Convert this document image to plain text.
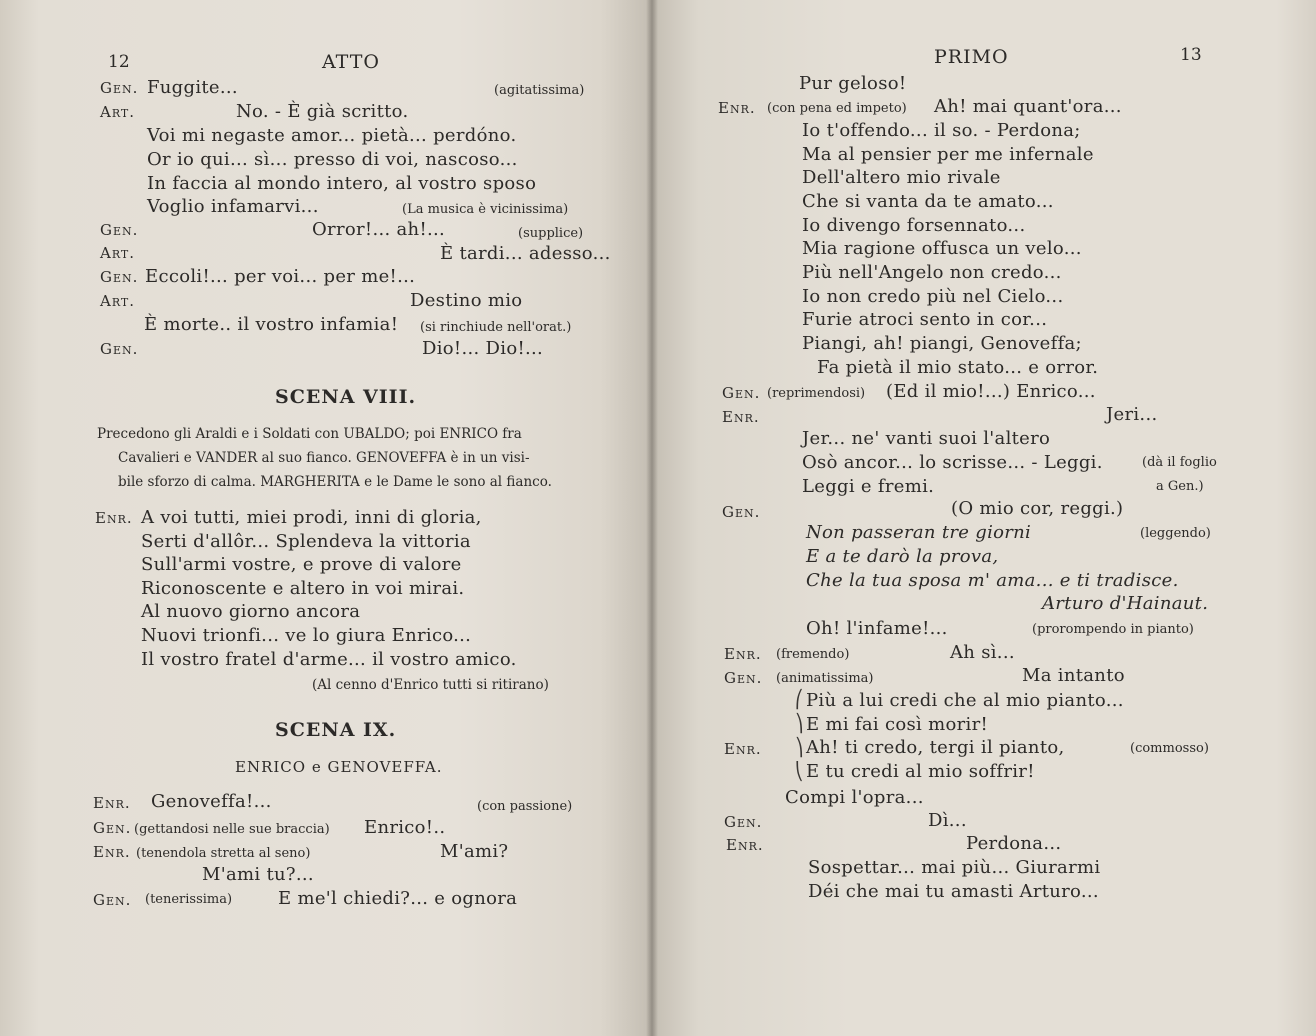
12	ATTO
Gen. Fuggite...	(agitatissima)
Art.	No. - È già scritto.
Voi mi negaste amor... pietà... perdóno.
Or io qui... sì... presso di voi, nascoso...
In faccia al mondo intero, al vostro sposo
Voglio infamarvi...	(La musica è vicinissima)
Gen.	Orror!... ah!...	(supplice)
Art.	È tardi... adesso...
Gen. Eccoli!... per voi... per me!...
Art.	Destino mio
È morte.. il vostro infamia! (si rinchiude nell'orat.)
Gen.	Dio!... Dio!...
SCENA VIII.
Precedono gli Araldi e i Soldati con UBALDO; poi ENRICO fra
Cavalieri e VANDER al suo fianco. GENOVEFFA è in un visi-
bile sforzo di calma. MARGHERITA e le Dame le sono al fianco.
Enr. A voi tutti, miei prodi, inni di gloria,
Serti d'allôr... Splendeva la vittoria
Sull'armi vostre, e prove di valore
Riconoscente e altero in voi mirai.
Al nuovo giorno ancora
Nuovi trionfi... ve lo giura Enrico...
Il vostro fratel d'arme... il vostro amico.
(Al cenno d'Enrico tutti si ritirano)
SCENA IX.
ENRICO e GENOVEFFA.
Enr. Genoveffa!...	(con passione)
Gen. (gettandosi nelle sue braccia) Enrico!..
Enr. (tenendola stretta al seno)	M'ami?
M'ami tu?...
Gen. (tenerissima)	E me'l chiedi?... e ognora
PRIMO	13
Pur geloso!
Enr. (con pena ed impeto) Ah! mai quant'ora...
Io t'offendo... il so. - Perdona;
Ma al pensier per me infernale
Dell'altero mio rivale
Che si vanta da te amato...
Io divengo forsennato...
Mia ragione offusca un velo...
Più nell'Angelo non credo...
Io non credo più nel Cielo...
Furie atroci sento in cor...
Piangi, ah! piangi, Genoveffa;
Fa pietà il mio stato... e orror.
Gen. (reprimendosi) (Ed il mio!...) Enrico...
Enr.	Jeri...
Jer... ne' vanti suoi l'altero
Osò ancor... lo scrisse... - Leggi.	(dà il foglio
Leggi e fremi.	a Gen.)
Gen.	(O mio cor, reggi.)
Non passeran tre giorni	(leggendo)
E a te darò la prova,
Che la tua sposa m' ama... e ti tradisce.
Arturo d'Hainaut.
Oh! l'infame!...	(prorompendo in pianto)
Enr. (fremendo)	Ah sì...
Gen. (animatissima)	Ma intanto
⎛
⎞
⎞
⎝
Più a lui credi che al mio pianto...
E mi fai così morir!
Enr. Ah! ti credo, tergi il pianto,	(commosso)
E tu credi al mio soffrir!
Compi l'opra...
Gen.	Dì...
Enr.	Perdona...
Sospettar... mai più... Giurarmi
Déi che mai tu amasti Arturo...
